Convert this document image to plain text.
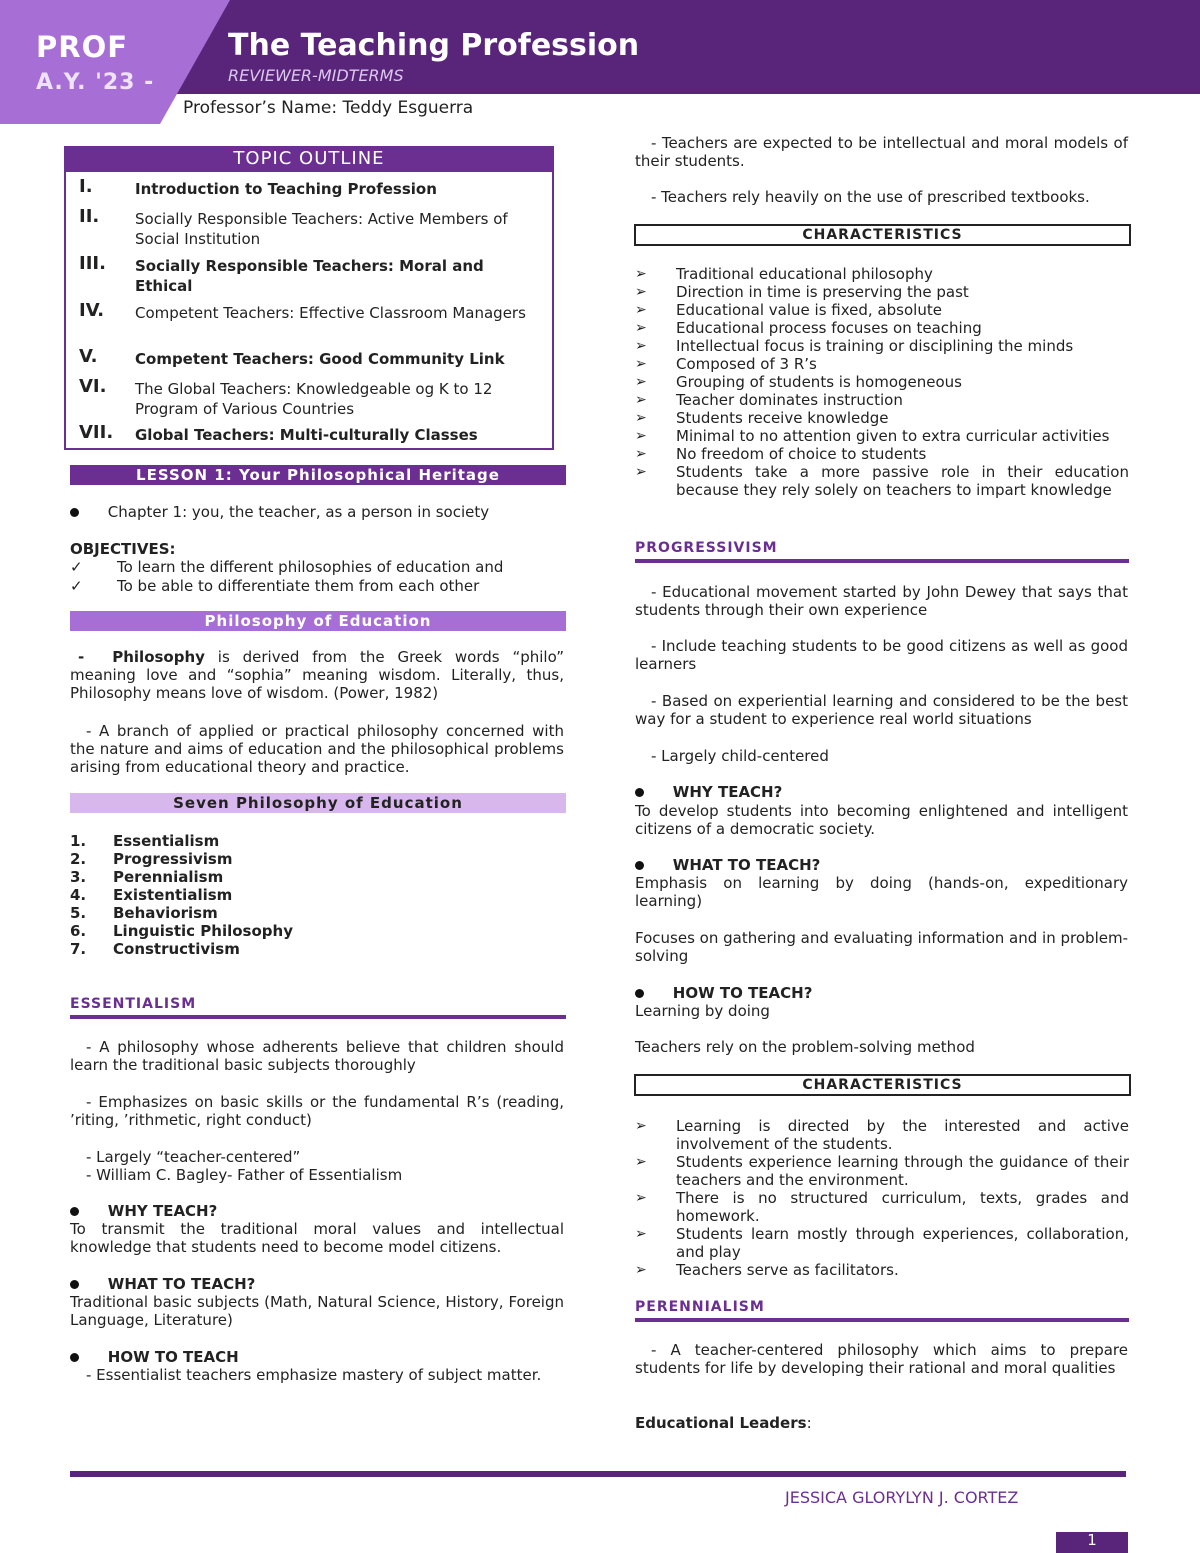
PROF
A.Y. '23 -
The Teaching Profession
REVIEWER-MIDTERMS
Professor’s Name: Teddy Esguerra
TOPIC OUTLINE
I.	Introduction to Teaching Profession
II. Socially Responsible Teachers: Active Members of Social Institution
III. Socially Responsible Teachers: Moral and Ethical
IV. Competent Teachers: Effective Classroom Managers
V.	Competent Teachers: Good Community Link
VI. The Global Teachers: Knowledgeable og K to 12 Program of Various Countries
VII. Global Teachers: Multi-culturally Classes
LESSON 1: Your Philosophical Heritage
Chapter 1: you, the teacher, as a person in society
OBJECTIVES:
✓ To learn the different philosophies of education and
✓ To be able to differentiate them from each other
Philosophy of Education
- Philosophy is derived from the Greek words “philo” meaning love and “sophia” meaning wisdom. Literally, thus, Philosophy means love of wisdom. (Power, 1982)
- A branch of applied or practical philosophy concerned with the nature and aims of education and the philosophical problems arising from educational theory and practice.
Seven Philosophy of Education
1. Essentialism
2. Progressivism
3. Perennialism
4. Existentialism
5. Behaviorism
6. Linguistic Philosophy
7. Constructivism
ESSENTIALISM
- A philosophy whose adherents believe that children should learn the traditional basic subjects thoroughly
- Emphasizes on basic skills or the fundamental R’s (reading, ’riting, ’rithmetic, right conduct)
- Largely “teacher-centered”
- William C. Bagley- Father of Essentialism
WHY TEACH?
To transmit the traditional moral values and intellectual knowledge that students need to become model citizens.
WHAT TO TEACH?
Traditional basic subjects (Math, Natural Science, History, Foreign Language, Literature)
HOW TO TEACH
- Essentialist teachers emphasize mastery of subject matter.
- Teachers are expected to be intellectual and moral models of their students.
- Teachers rely heavily on the use of prescribed textbooks.
CHARACTERISTICS
➢	Traditional educational philosophy
➢	Direction in time is preserving the past
➢	Educational value is fixed, absolute
➢	Educational process focuses on teaching
➢	Intellectual focus is training or disciplining the minds
➢	Composed of 3 R’s
➢	Grouping of students is homogeneous
➢	Teacher dominates instruction
➢	Students receive knowledge
➢	Minimal to no attention given to extra curricular activities
➢	No freedom of choice to students
➢	Students take a more passive role in their education because they rely solely on teachers to impart knowledge
PROGRESSIVISM
- Educational movement started by John Dewey that says that students through their own experience
- Include teaching students to be good citizens as well as good learners
- Based on experiential learning and considered to be the best way for a student to experience real world situations
- Largely child-centered
WHY TEACH?
To develop students into becoming enlightened and intelligent citizens of a democratic society.
WHAT TO TEACH?
Emphasis on learning by doing (hands-on, expeditionary learning)
Focuses on gathering and evaluating information and in problem-solving
HOW TO TEACH?
Learning by doing
Teachers rely on the problem-solving method
CHARACTERISTICS
➢	Learning is directed by the interested and active involvement of the students.
➢	Students experience learning through the guidance of their teachers and the environment.
➢	There is no structured curriculum, texts, grades and homework.
➢	Students learn mostly through experiences, collaboration, and play
➢	Teachers serve as facilitators.
PERENNIALISM
- A teacher-centered philosophy which aims to prepare students for life by developing their rational and moral qualities
Educational Leaders:
JESSICA GLORYLYN J. CORTEZ
1
